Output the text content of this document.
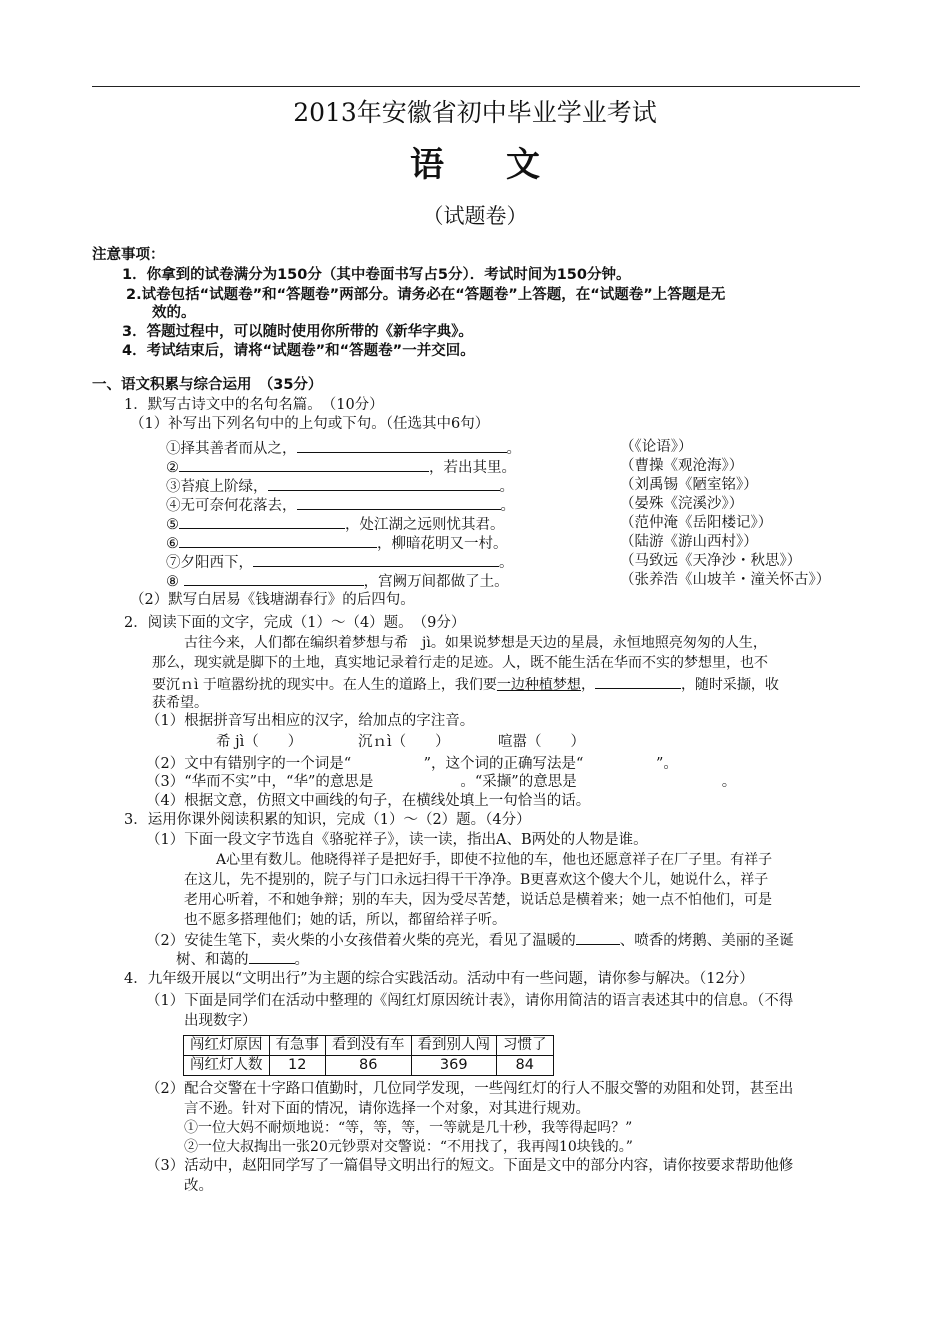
2013年安徽省初中毕业学业考试
语文
（试题卷）
注意事项：
1．你拿到的试卷满分为150分（其中卷面书写占5分）．考试时间为150分钟。
2.试卷包括“试题卷”和“答题卷”两部分。请务必在“答题卷”上答题，在“试题卷”上答题是无
效的。
3．答题过程中，可以随时使用你所带的《新华字典》。
4．考试结束后，请将“试题卷”和“答题卷”一并交回。
一、语文积累与综合运用　（35分）
1．默写古诗文中的名句名篇。　（10分）
（1）补写出下列名句中的上句或下句。（任选其中6句）
①择其善者而从之，	。	（《论语》）
②	，若出其里。	（曹操《观沧海》）
③苔痕上阶绿，	。	（刘禹锡《陋室铭》）
④无可奈何花落去，	。	（晏殊《浣溪沙》）
⑤	，处江湖之远则忧其君。	（范仲淹《岳阳楼记》）
⑥	，柳暗花明又一村。	（陆游《游山西村》）
⑦夕阳西下，	。	（马致远《天净沙・秋思》）
⑧	，宫阙万间都做了土。	（张养浩《山坡羊・潼关怀古》）
（2）默写白居易《钱塘湖春行》的后四句。
2．阅读下面的文字，完成（1）～（4）题。　（9分）
古往今来，人们都在编织着梦想与希　jì。如果说梦想是天边的星晨，永恒地照亮匆匆的人生，
那么，现实就是脚下的土地，真实地记录着行走的足迹。人，既不能生活在华而不实的梦想里，也不
要沉ｎì 于喧嚣纷扰的现实中。在人生的道路上，我们要一边种植梦想，	，随时采撷，收
获希望。
（1）根据拼音写出相应的汉字，给加点的字注音。
希 jì（　　）	沉ｎì（　　）	喧嚣（　　）
（2）文中有错别字的一个词是“　　　　　”，这个词的正确写法是“　　　　　”。
（3）“华而不实”中，“华”的意思是　　　　　　。“采撷”的意思是　　　　　　　　　　。
（4）根据文意，仿照文中画线的句子，在横线处填上一句恰当的话。
3．运用你课外阅读积累的知识，完成（1）～（2）题。（4分）
（1）下面一段文字节选自《骆驼祥子》，读一读，指出A、B两处的人物是谁。
A心里有数儿。他晓得祥子是把好手，即使不拉他的车，他也还愿意祥子在厂子里。有祥子
在这儿，先不提别的，院子与门口永远扫得干干净净。B更喜欢这个傻大个儿，她说什么，祥子
老用心听着，不和她争辩；别的车夫，因为受尽苦楚，说话总是横着来；她一点不怕他们，可是
也不愿多搭理他们；她的话，所以，都留给祥子听。
（2）安徒生笔下，卖火柴的小女孩借着火柴的亮光，看见了温暖的	、喷香的烤鹅、美丽的圣诞
树、和蔼的	。
4．九年级开展以“文明出行”为主题的综合实践活动。活动中有一些问题，请你参与解决。（12分）
（1）下面是同学们在活动中整理的《闯红灯原因统计表》，请你用简洁的语言表述其中的信息。（不得
出现数字）
闯红灯原因	有急事	看到没有车	看到别人闯	习惯了
闯红灯人数	12	86	369	84
（2）配合交警在十字路口值勤时，几位同学发现，一些闯红灯的行人不服交警的劝阻和处罚，甚至出
言不逊。针对下面的情况，请你选择一个对象，对其进行规劝。
①一位大妈不耐烦地说：“等，等，等，一等就是几十秒，我等得起吗？”
②一位大叔掏出一张20元钞票对交警说：“不用找了，我再闯10块钱的。”
（3）活动中，赵阳同学写了一篇倡导文明出行的短文。下面是文中的部分内容，请你按要求帮助他修
改。
